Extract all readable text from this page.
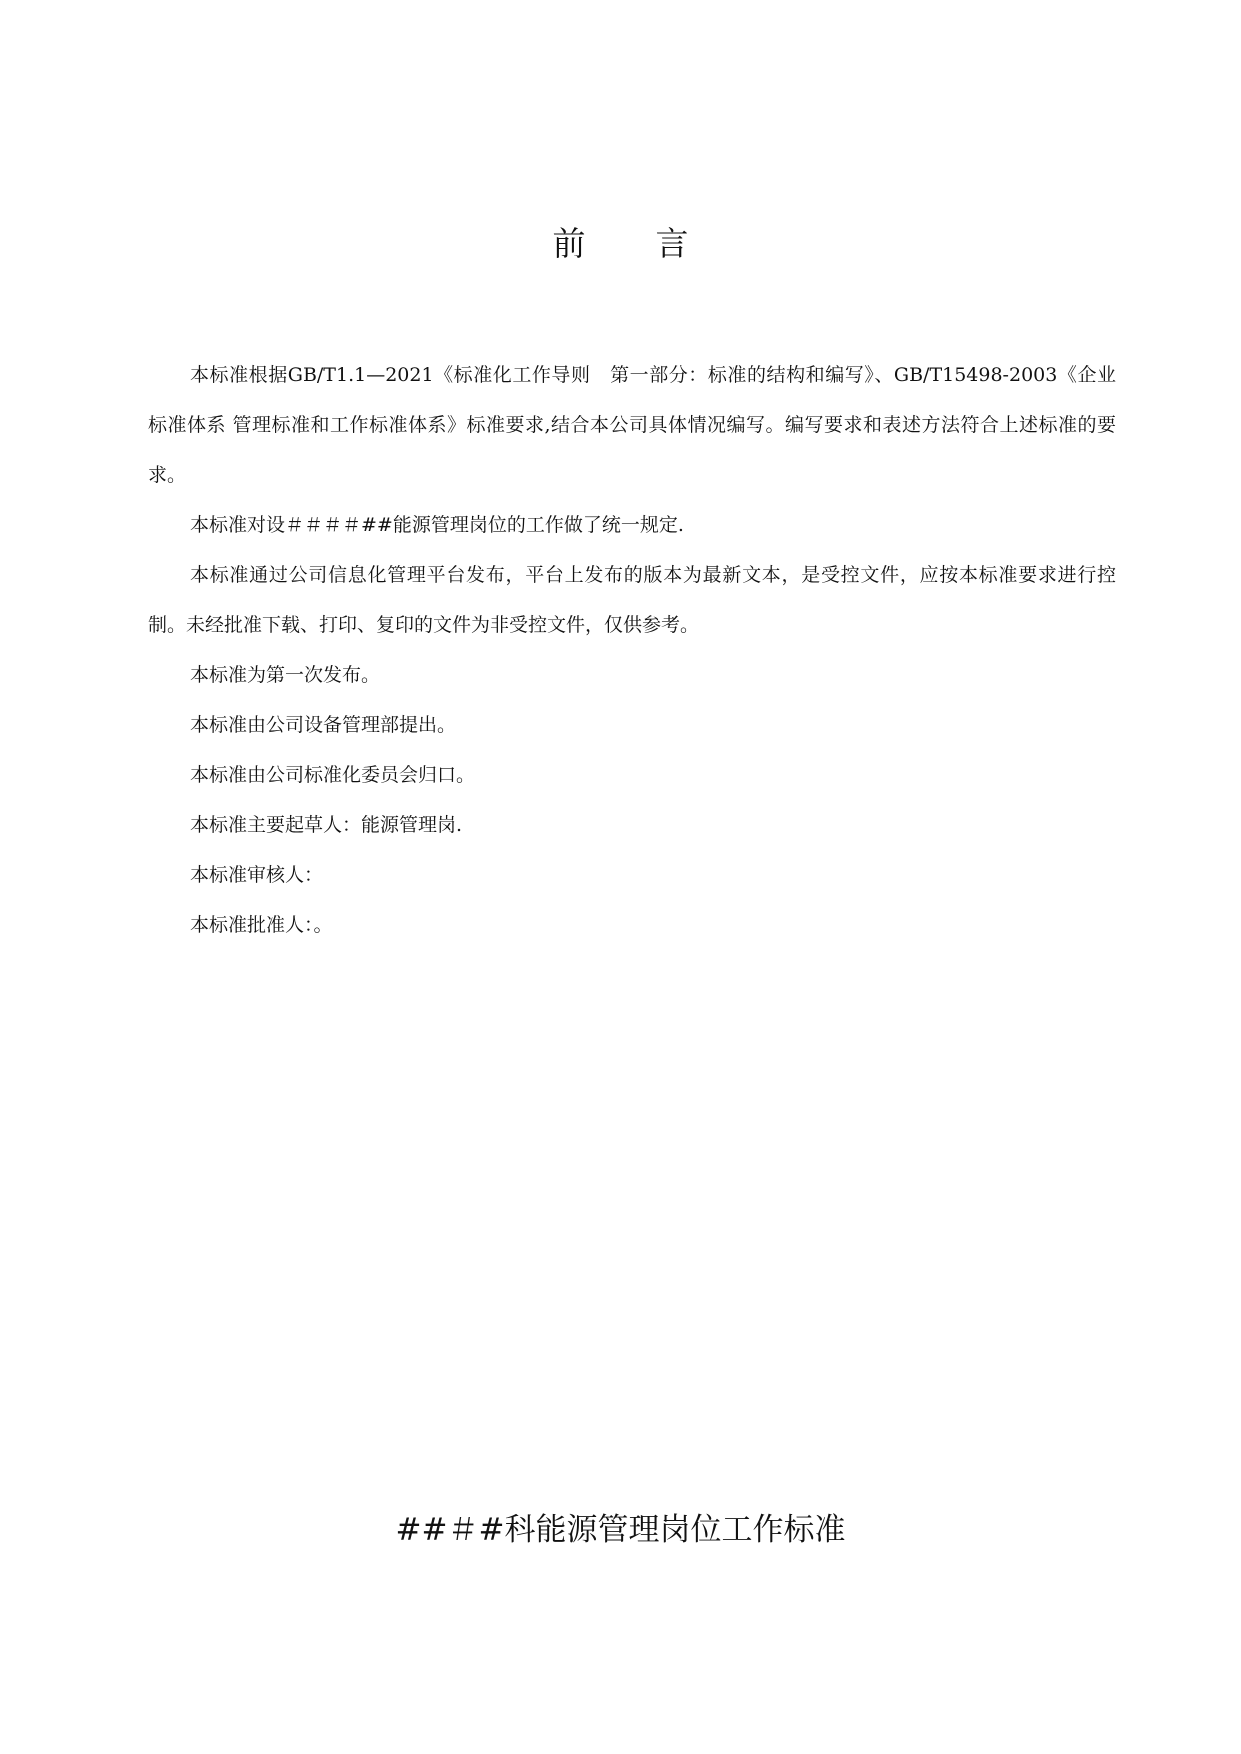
前 言

本标准根据GB/T1.1—2021《标准化工作导则　第一部分：标准的结构和编写》、GB/T15498-2003《企业标准体系 管理标准和工作标准体系》标准要求,结合本公司具体情况编写。编写要求和表述方法符合上述标准的要求。

本标准对设＃＃＃＃##能源管理岗位的工作做了统一规定.

本标准通过公司信息化管理平台发布，平台上发布的版本为最新文本，是受控文件，应按本标准要求进行控制。未经批准下载、打印、复印的文件为非受控文件，仅供参考。

本标准为第一次发布。

本标准由公司设备管理部提出。

本标准由公司标准化委员会归口。

本标准主要起草人：能源管理岗.

本标准审核人：

本标准批准人：。

##＃#科能源管理岗位工作标准
